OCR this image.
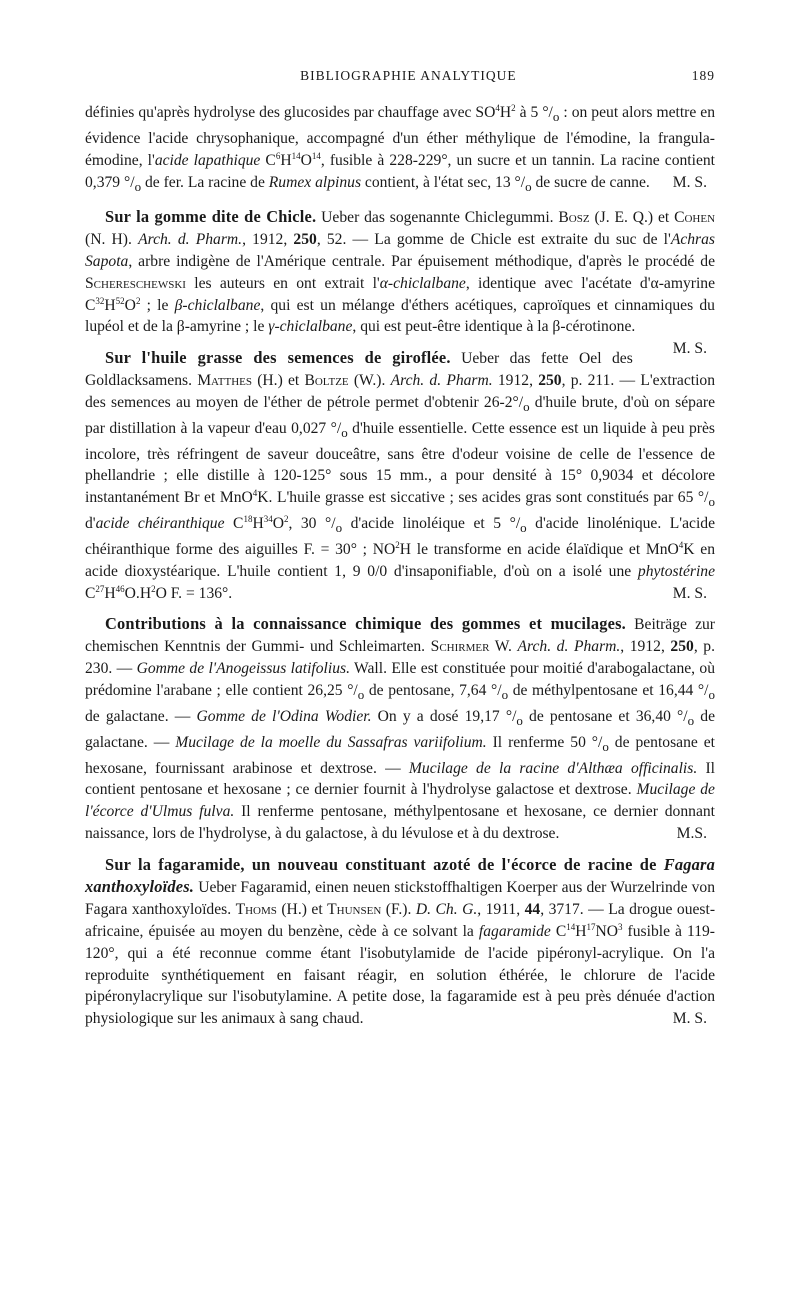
BIBLIOGRAPHIE ANALYTIQUE	189

définies qu'après hydrolyse des glucosides par chauffage avec $SO^4H^2$ à 5 $^\circ/_o$ : on peut alors mettre en évidence l'acide chrysophanique, accompagné d'un éther méthylique de l'émodine, la frangula-émodine, l'acide lapathique $C^6H^{14}O^{14}$, fusible à 228-229°, un sucre et un tannin. La racine contient 0,379 $^\circ/_o$ de fer. La racine de Rumex alpinus contient, à l'état sec, 13 $^\circ/_o$ de sucre de canne. M. S.

Sur la gomme dite de Chicle. Ueber das sogenannte Chiclegummi. Bosz (J. E. Q.) et Cohen (N. H). Arch. d. Pharm., 1912, 250, 52. — La gomme de Chicle est extraite du suc de l'Achras Sapota, arbre indigène de l'Amérique centrale. Par épuisement méthodique, d'après le procédé de Schereschewski les auteurs en ont extrait l'α-chiclalbane, identique avec l'acétate d'α-amyrine $C^{32}H^{52}O^2$ ; le β-chiclalbane, qui est un mélange d'éthers acétiques, caproïques et cinnamiques du lupéol et de la β-amyrine ; le γ-chiclalbane, qui est peut-être identique à la β-cérotinone.
M. S.

Sur l'huile grasse des semences de giroflée. Ueber das fette Oel des Goldlacksamens. Matthes (H.) et Boltze (W.). Arch. d. Pharm. 1912, 250, p. 211. — L'extraction des semences au moyen de l'éther de pétrole permet d'obtenir $26-2^\circ/_o$ d'huile brute, d'où on sépare par distillation à la vapeur d'eau 0,027 $^\circ/_o$ d'huile essentielle. Cette essence est un liquide à peu près incolore, très réfringent de saveur douceâtre, sans être d'odeur voisine de celle de l'essence de phellandrie ; elle distille à 120-125° sous 15 mm., a pour densité à 15° 0,9034 et décolore instantanément Br et MnO$^4$K. L'huile grasse est siccative ; ses acides gras sont constitués par 65 $^\circ/_o$ d'acide chéiranthique $C^{18}H^{34}O^2$, 30 $^\circ/_o$ d'acide linoléique et 5 $^\circ/_o$ d'acide linolénique. L'acide chéiranthique forme des aiguilles F. = 30° ; $NO^2H$ le transforme en acide élaïdique et MnO$^4$K en acide dioxystéarique. L'huile contient 1, 9 0/0 d'insaponifiable, d'où on a isolé une phytostérine $C^{27}H^{46}O.H^2O$ F. = 136°.	M. S.

Contributions à la connaissance chimique des gommes et mucilages. Beiträge zur chemischen Kenntnis der Gummi- und Schleimarten. Schirmer W. Arch. d. Pharm., 1912, 250, p. 230. — Gomme de l'Anogeissus latifolius. Wall. Elle est constituée pour moitié d'arabogalactane, où prédomine l'arabane ; elle contient 26,25 $^\circ/_o$ de pentosane, 7,64 $^\circ/_o$ de méthylpentosane et 16,44 $^\circ/_o$ de galactane. — Gomme de l'Odina Wodier. On y a dosé 19,17 $^\circ/_o$ de pentosane et 36,40 $^\circ/_o$ de galactane. — Mucilage de la moelle du Sassafras variifolium. Il renferme 50 $^\circ/_o$ de pentosane et hexosane, fournissant arabinose et dextrose. — Mucilage de la racine d'Althæa officinalis. Il contient pentosane et hexosane ; ce dernier fournit à l'hydrolyse galactose et dextrose. Mucilage de l'écorce d'Ulmus fulva. Il renferme pentosane, méthylpentosane et hexosane, ce dernier donnant naissance, lors de l'hydrolyse, à du galactose, à du lévulose et à du dextrose.	M.S.

Sur la fagaramide, un nouveau constituant azoté de l'écorce de racine de Fagara xanthoxyloïdes. Ueber Fagaramid, einen neuen stickstoffhaltigen Koerper aus der Wurzelrinde von Fagara xanthoxyloïdes. Thoms (H.) et Thunsen (F.). D. Ch. G., 1911, 44, 3717. — La drogue ouest-africaine, épuisée au moyen du benzène, cède à ce solvant la fagaramide $C^{14}H^{17}NO^3$ fusible à 119-120°, qui a été reconnue comme étant l'isobutylamide de l'acide pipéronyl-acrylique. On l'a reproduite synthétiquement en faisant réagir, en solution éthérée, le chlorure de l'acide pipéronylacrylique sur l'isobutylamine. A petite dose, la fagaramide est à peu près dénuée d'action physiologique sur les animaux à sang chaud.	M. S.
